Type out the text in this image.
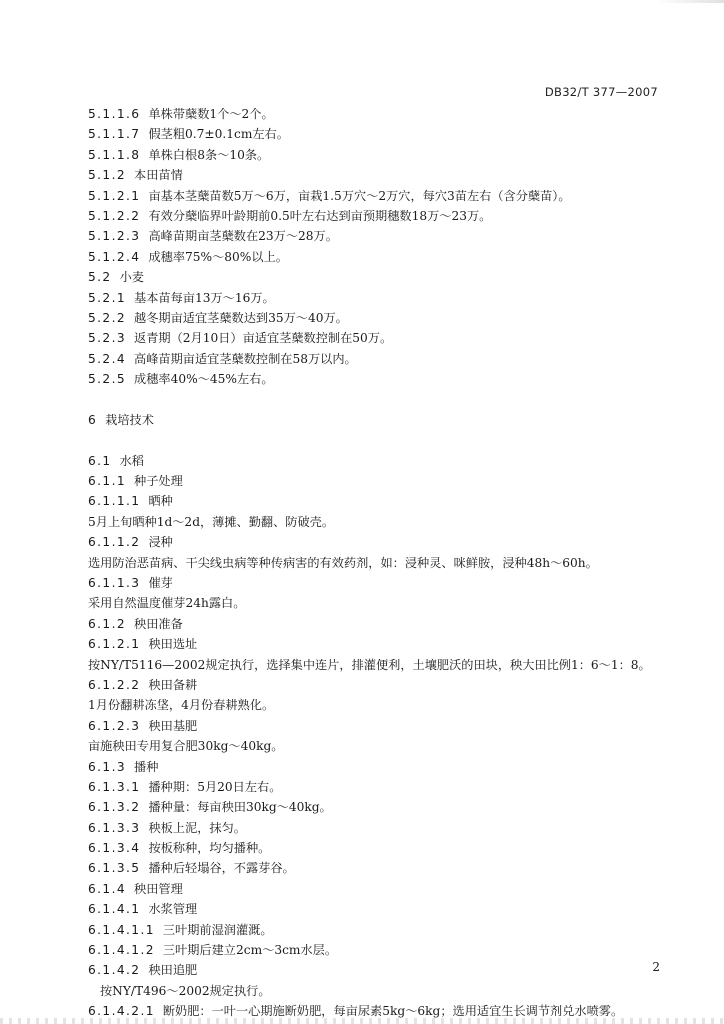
DB32/T 377—2007
5.1.1.6 单株带蘖数1个～2个。
5.1.1.7 假茎粗0.7±0.1cm左右。
5.1.1.8 单株白根8条～10条。
5.1.2 本田苗情
5.1.2.1 亩基本茎蘖苗数5万～6万，亩栽1.5万穴～2万穴，每穴3苗左右（含分蘖苗）。
5.1.2.2 有效分蘖临界叶龄期前0.5叶左右达到亩预期穗数18万～23万。
5.1.2.3 高峰苗期亩茎蘖数在23万～28万。
5.1.2.4 成穗率75%～80%以上。
5.2 小麦
5.2.1 基本苗每亩13万～16万。
5.2.2 越冬期亩适宜茎蘖数达到35万～40万。
5.2.3 返青期（2月10日）亩适宜茎蘖数控制在50万。
5.2.4 高峰苗期亩适宜茎蘖数控制在58万以内。
5.2.5 成穗率40%～45%左右。
6 栽培技术
6.1 水稻
6.1.1 种子处理
6.1.1.1 晒种
5月上旬晒种1d～2d，薄摊、勤翻、防破壳。
6.1.1.2 浸种
选用防治恶苗病、干尖线虫病等种传病害的有效药剂，如：浸种灵、咪鲜胺，浸种48h～60h。
6.1.1.3 催芽
采用自然温度催芽24h露白。
6.1.2 秧田准备
6.1.2.1 秧田选址
按NY/T5116—2002规定执行，选择集中连片，排灌便利，土壤肥沃的田块，秧大田比例1：6～1：8。
6.1.2.2 秧田备耕
1月份翻耕冻垡，4月份春耕熟化。
6.1.2.3 秧田基肥
亩施秧田专用复合肥30kg～40kg。
6.1.3 播种
6.1.3.1 播种期：5月20日左右。
6.1.3.2 播种量：每亩秧田30kg～40kg。
6.1.3.3 秧板上泥，抹匀。
6.1.3.4 按板称种，均匀播种。
6.1.3.5 播种后轻塌谷，不露芽谷。
6.1.4 秧田管理
6.1.4.1 水浆管理
6.1.4.1.1 三叶期前湿润灌溉。
6.1.4.1.2 三叶期后建立2cm～3cm水层。
6.1.4.2 秧田追肥
按NY/T496～2002规定执行。
6.1.4.2.1 断奶肥：一叶一心期施断奶肥，每亩尿素5kg～6kg；选用适宜生长调节剂兑水喷雾。
2
